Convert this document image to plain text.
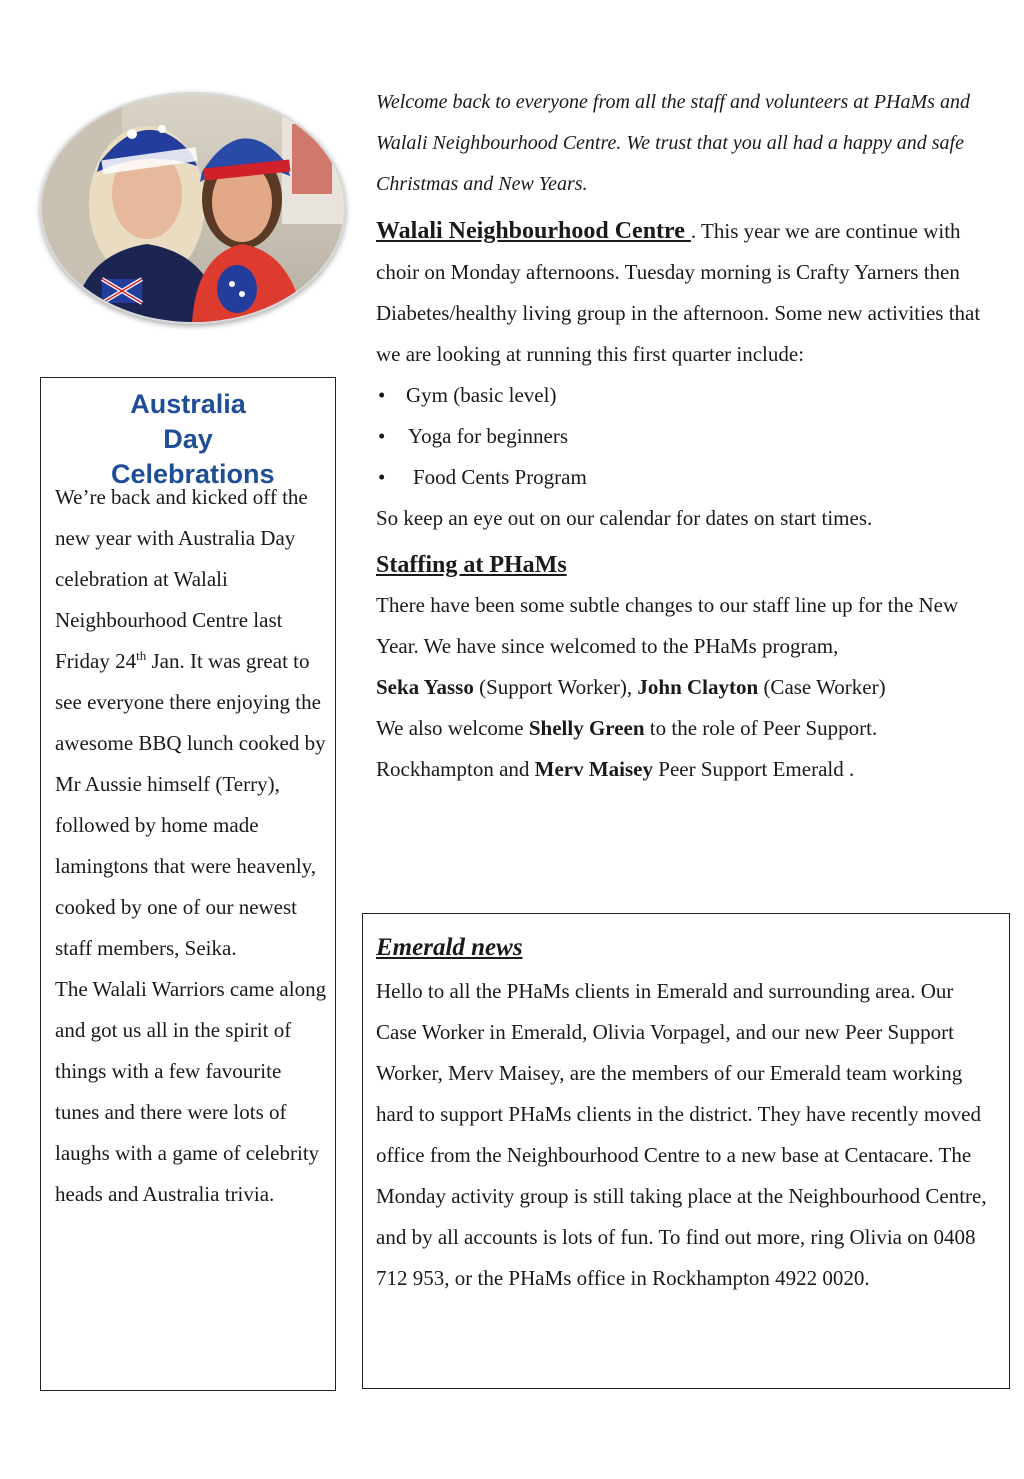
Australia Day Celebrations

We’re back and kicked off the new year with Australia Day celebration at Walali Neighbourhood Centre last Friday 24th Jan. It was great to see everyone there enjoying the awesome BBQ lunch cooked by Mr Aussie himself (Terry), followed by home made lamingtons that were heavenly, cooked by one of our newest staff members, Seika.

The Walali Warriors came along and got us all in the spirit of things with a few favourite tunes and there were lots of laughs with a game of celebrity heads and Australia trivia.

Welcome back to everyone from all the staff and volunteers at PHaMs and Walali Neighbourhood Centre. We trust that you all had a happy and safe Christmas and New Years.

Walali Neighbourhood Centre . This year we are continue with choir on Monday afternoons. Tuesday morning is Crafty Yarners then Diabetes/healthy living group in the afternoon. Some new activities that we are looking at running this first quarter include:

• Gym (basic level)
• Yoga for beginners
• Food Cents Program

So keep an eye out on our calendar for dates on start times.

Staffing at PHaMs

There have been some subtle changes to our staff line up for the New Year. We have since welcomed to the PHaMs program,

Seka Yasso (Support Worker), John Clayton (Case Worker)

We also welcome Shelly Green to the role of Peer Support. Rockhampton and Merv Maisey Peer Support Emerald .

Emerald news

Hello to all the PHaMs clients in Emerald and surrounding area. Our Case Worker in Emerald, Olivia Vorpagel, and our new Peer Support Worker, Merv Maisey, are the members of our Emerald team working hard to support PHaMs clients in the district. They have recently moved office from the Neighbourhood Centre to a new base at Centacare. The Monday activity group is still taking place at the Neighbourhood Centre, and by all accounts is lots of fun. To find out more, ring Olivia on 0408 712 953, or the PHaMs office in Rockhampton 4922 0020.
